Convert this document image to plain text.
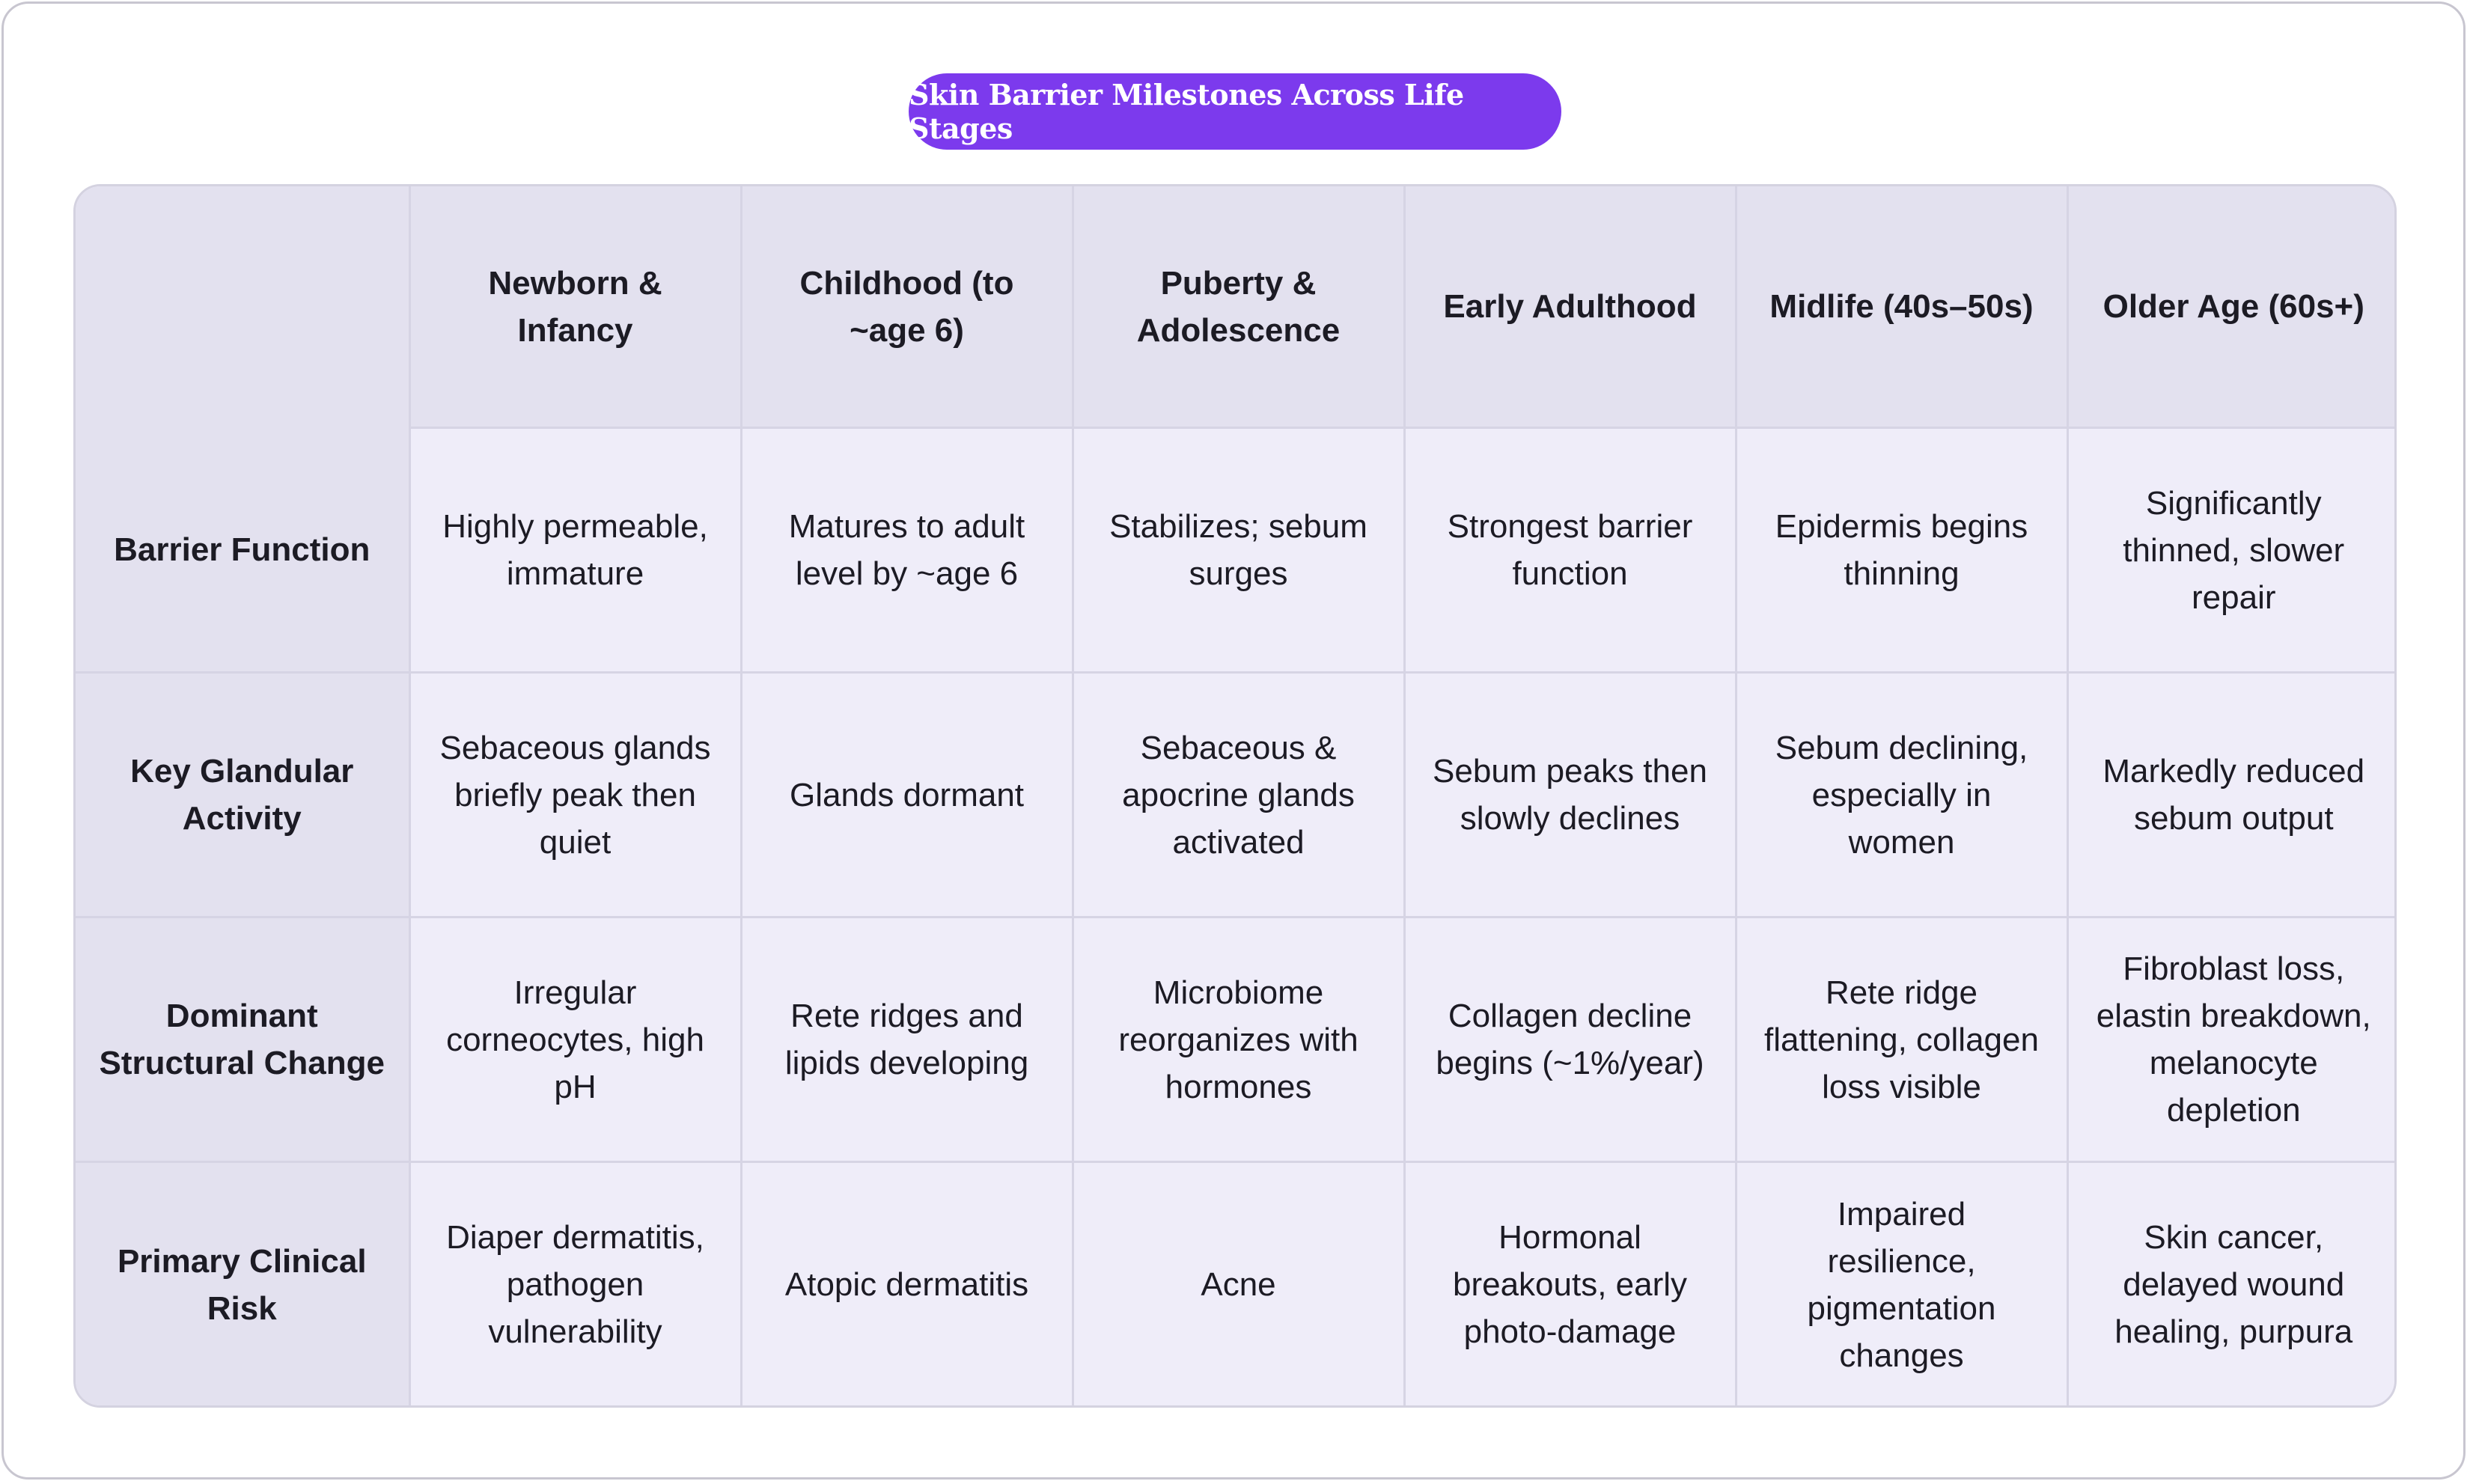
Skin Barrier Milestones Across Life Stages
	Newborn & Infancy	Childhood (to ~age 6)	Puberty & Adolescence	Early Adulthood	Midlife (40s–50s)	Older Age (60s+)
Barrier Function	Highly permeable, immature	Matures to adult level by ~age 6	Stabilizes; sebum surges	Strongest barrier function	Epidermis begins thinning	Significantly thinned, slower repair
Key Glandular Activity	Sebaceous glands briefly peak then quiet	Glands dormant	Sebaceous & apocrine glands activated	Sebum peaks then slowly declines	Sebum declining, especially in women	Markedly reduced sebum output
Dominant Structural Change	Irregular corneocytes, high pH	Rete ridges and lipids developing	Microbiome reorganizes with hormones	Collagen decline begins (~1%/year)	Rete ridge flattening, collagen loss visible	Fibroblast loss, elastin breakdown, melanocyte depletion
Primary Clinical Risk	Diaper dermatitis, pathogen vulnerability	Atopic dermatitis	Acne	Hormonal breakouts, early photo-damage	Impaired resilience, pigmentation changes	Skin cancer, delayed wound healing, purpura
